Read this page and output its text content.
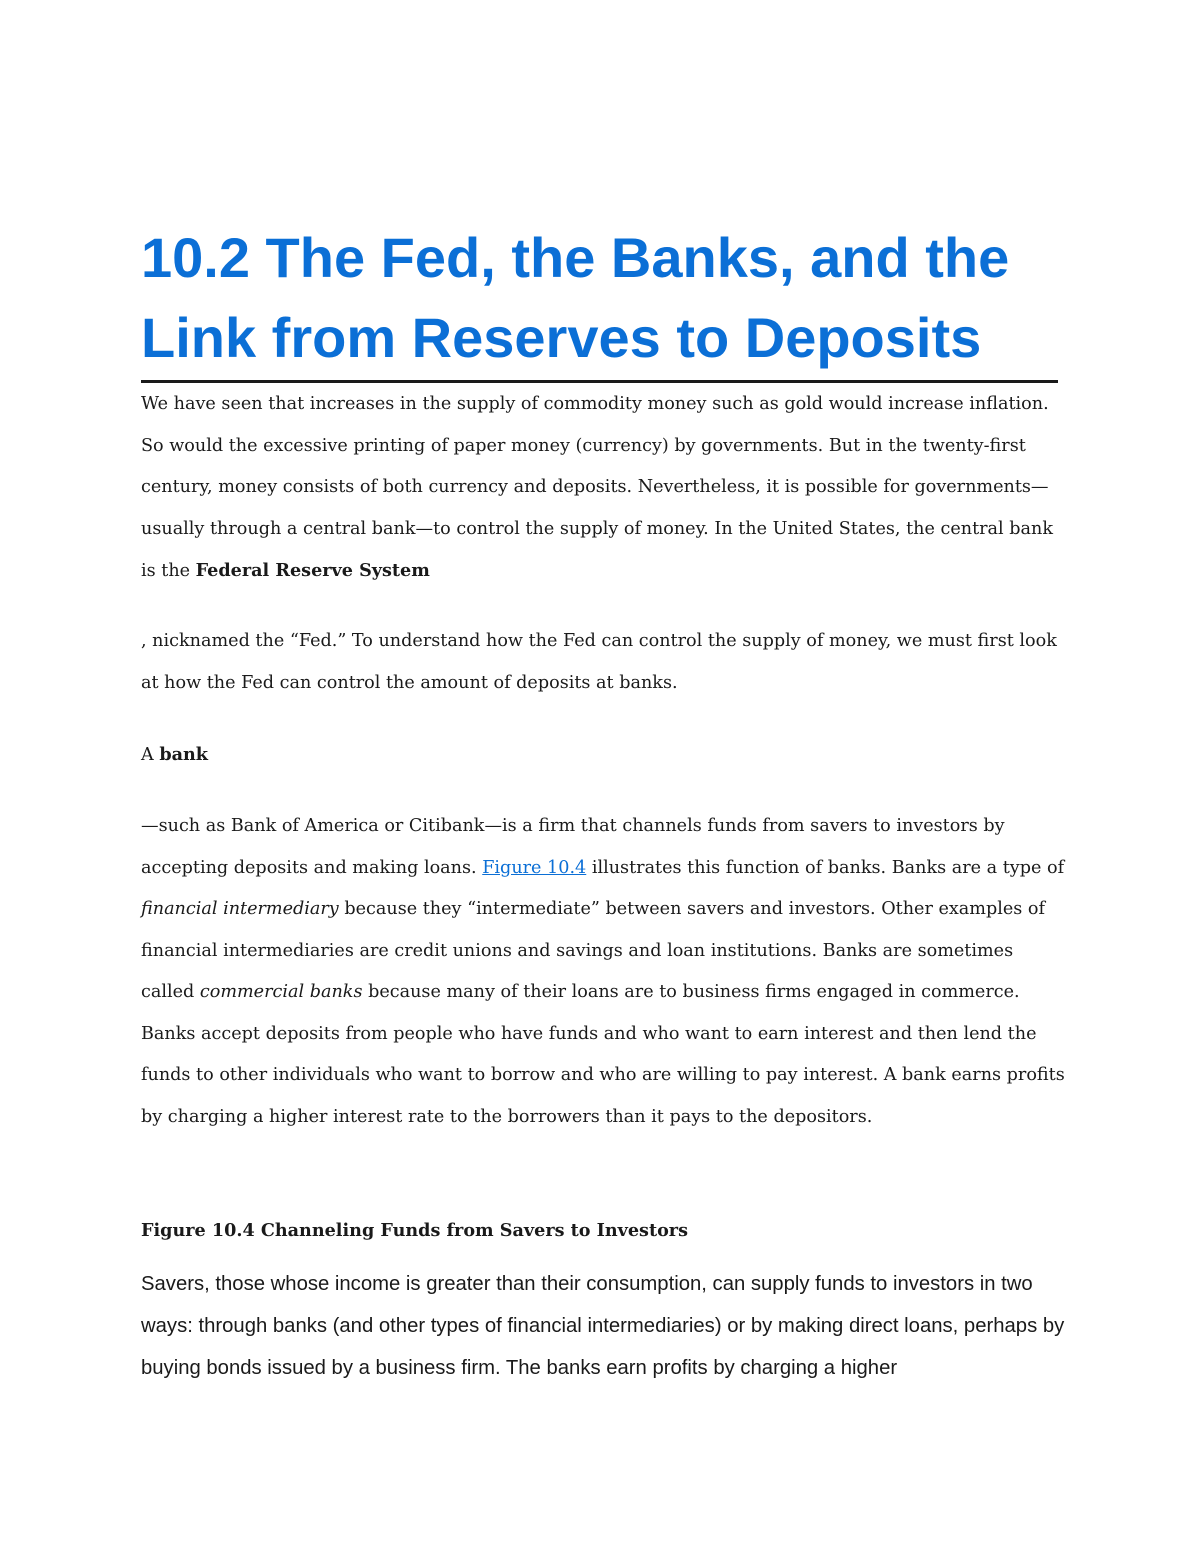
10.2 The Fed, the Banks, and the Link from Reserves to Deposits

We have seen that increases in the supply of commodity money such as gold would increase inflation. So would the excessive printing of paper money (currency) by governments. But in the twenty-first century, money consists of both currency and deposits. Nevertheless, it is possible for governments—usually through a central bank—to control the supply of money. In the United States, the central bank is the Federal Reserve System

, nicknamed the “Fed.” To understand how the Fed can control the supply of money, we must first look at how the Fed can control the amount of deposits at banks.

A bank

—such as Bank of America or Citibank—is a firm that channels funds from savers to investors by accepting deposits and making loans. Figure 10.4 illustrates this function of banks. Banks are a type of financial intermediary because they “intermediate” between savers and investors. Other examples of financial intermediaries are credit unions and savings and loan institutions. Banks are sometimes called commercial banks because many of their loans are to business firms engaged in commerce. Banks accept deposits from people who have funds and who want to earn interest and then lend the funds to other individuals who want to borrow and who are willing to pay interest. A bank earns profits by charging a higher interest rate to the borrowers than it pays to the depositors.

Figure 10.4 Channeling Funds from Savers to Investors

Savers, those whose income is greater than their consumption, can supply funds to investors in two ways: through banks (and other types of financial intermediaries) or by making direct loans, perhaps by buying bonds issued by a business firm. The banks earn profits by charging a higher
